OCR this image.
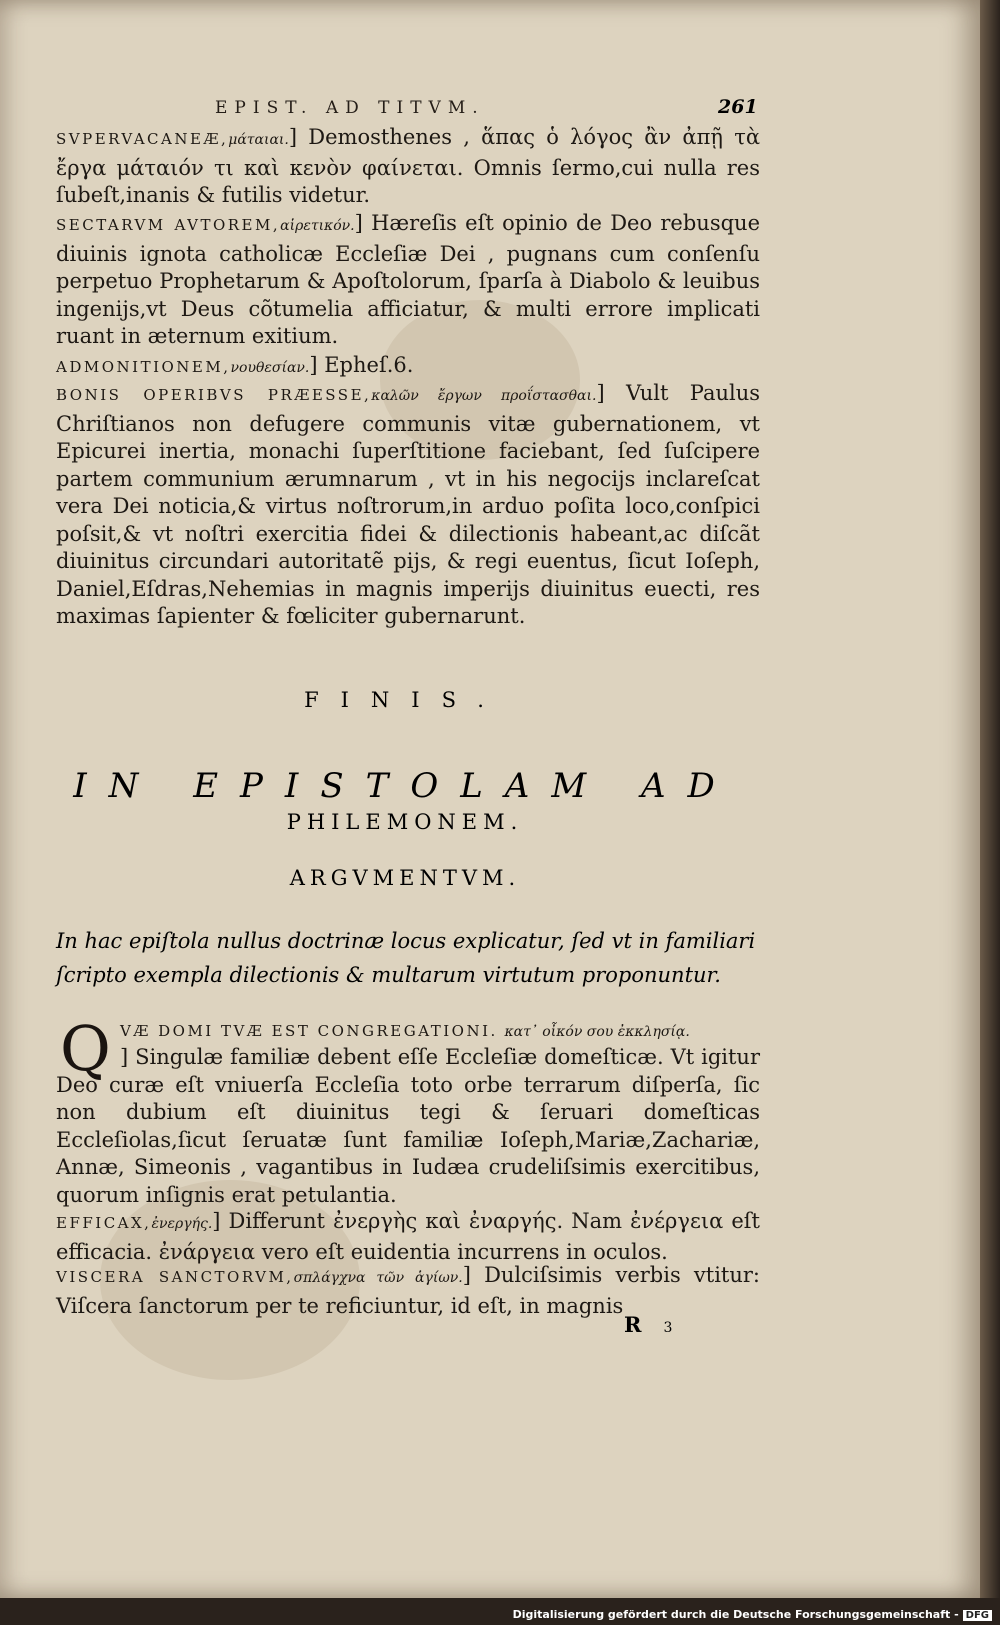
EPIST. AD TITVM.	261
SVPERVACANEÆ,μάταιαι.] Demosthenes , ἅπας ὁ λόγος ἂν ἀπῇ τὰ ἔργα μάταιόν τι καὶ κενὸν φαίνεται. Omnis ſermo,cui nulla res ſubeſt,inanis & futilis videtur.
SECTARVM AVTOREM,αἱρετικόν.] Hæreſis eſt opinio de Deo rebusque diuinis ignota catholicæ Eccleſiæ Dei , pugnans cum conſenſu perpetuo Prophetarum & Apoſtolorum, ſparſa à Diabolo & leuibus ingenijs,vt Deus cõtumelia afficiatur, & multi errore implicati ruant in æternum exitium.
ADMONITIONEM,νουθεσίαν.] Epheſ.6.
BONIS OPERIBVS PRÆESSE,καλῶν ἔργων προΐστασθαι.] Vult Paulus Chriſtianos non defugere communis vitæ gubernationem, vt Epicurei inertia, monachi ſuperſtitione faciebant, ſed ſuſcipere partem communium ærumnarum , vt in his negocijs inclareſcat vera Dei noticia,& virtus noſtrorum,in arduo poſita loco,conſpici poſsit,& vt noſtri exercitia fidei & dilectionis habeant,ac diſcãt diuinitus circundari autoritatẽ pijs, & regi euentus, ſicut Ioſeph, Daniel,Eſdras,Nehemias in magnis imperijs diuinitus euecti, res maximas ſapienter & fœliciter gubernarunt.
FINIS.
IN EPISTOLAM AD
PHILEMONEM.
ARGVMENTVM.
In hac epiſtola nullus doctrinæ locus explicatur, ſed vt in familiari ſcripto exempla dilectionis & multarum virtutum proponuntur.
Q VÆ DOMI TVÆ EST CONGREGATIONI. κατ᾽ οἶκόν σου ἐκκλησίᾳ.
] Singulæ familiæ debent eſſe Eccleſiæ domeſticæ. Vt igitur Deo curæ eſt vniuerſa Eccleſia toto orbe terrarum diſperſa, ſic non dubium eſt diuinitus tegi & ſeruari domeſticas Eccleſiolas,ſicut ſeruatæ ſunt familiæ Ioſeph,Mariæ,Zachariæ, Annæ, Simeonis , vagantibus in Iudæa crudeliſsimis exercitibus, quorum inſignis erat petulantia.
EFFICAX,ἐνεργής.] Differunt ἐνεργὴς καὶ ἐναργής. Nam ἐνέργεια eſt efficacia. ἐνάργεια vero eſt euidentia incurrens in oculos.
VISCERA SANCTORVM,σπλάγχνα τῶν ἁγίων.] Dulciſsimis verbis vtitur: Viſcera ſanctorum per te reficiuntur, id eſt, in magnis
R 3
Digitalisierung gefördert durch die Deutsche Forschungsgemeinschaft - DFG
